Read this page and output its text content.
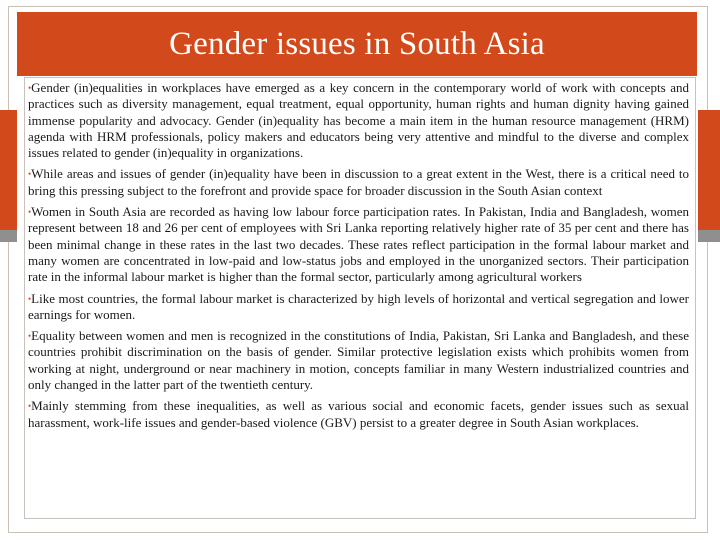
Gender issues in South Asia

•Gender (in)equalities in workplaces have emerged as a key concern in the contemporary world of work with concepts and practices such as diversity management, equal treatment, equal opportunity, human rights and human dignity having gained immense popularity and advocacy. Gender (in)equality has become a main item in the human resource management (HRM) agenda with HRM professionals, policy makers and educators being very attentive and mindful to the diverse and complex issues related to gender (in)equality in organizations.

•While areas and issues of gender (in)equality have been in discussion to a great extent in the West, there is a critical need to bring this pressing subject to the forefront and provide space for broader discussion in the South Asian context

•Women in South Asia are recorded as having low labour force participation rates. In Pakistan, India and Bangladesh, women represent between 18 and 26 per cent of employees with Sri Lanka reporting relatively higher rate of 35 per cent and there has been minimal change in these rates in the last two decades. These rates reflect participation in the formal labour market and many women are concentrated in low-paid and low-status jobs and employed in the unorganized sectors. Their participation rate in the informal labour market is higher than the formal sector, particularly among agricultural workers

•Like most countries, the formal labour market is characterized by high levels of horizontal and vertical segregation and lower earnings for women.

•Equality between women and men is recognized in the constitutions of India, Pakistan, Sri Lanka and Bangladesh, and these countries prohibit discrimination on the basis of gender. Similar protective legislation exists which prohibits women from working at night, underground or near machinery in motion, concepts familiar in many Western industrialized countries and only changed in the latter part of the twentieth century.

•Mainly stemming from these inequalities, as well as various social and economic facets, gender issues such as sexual harassment, work-life issues and gender-based violence (GBV) persist to a greater degree in South Asian workplaces.
